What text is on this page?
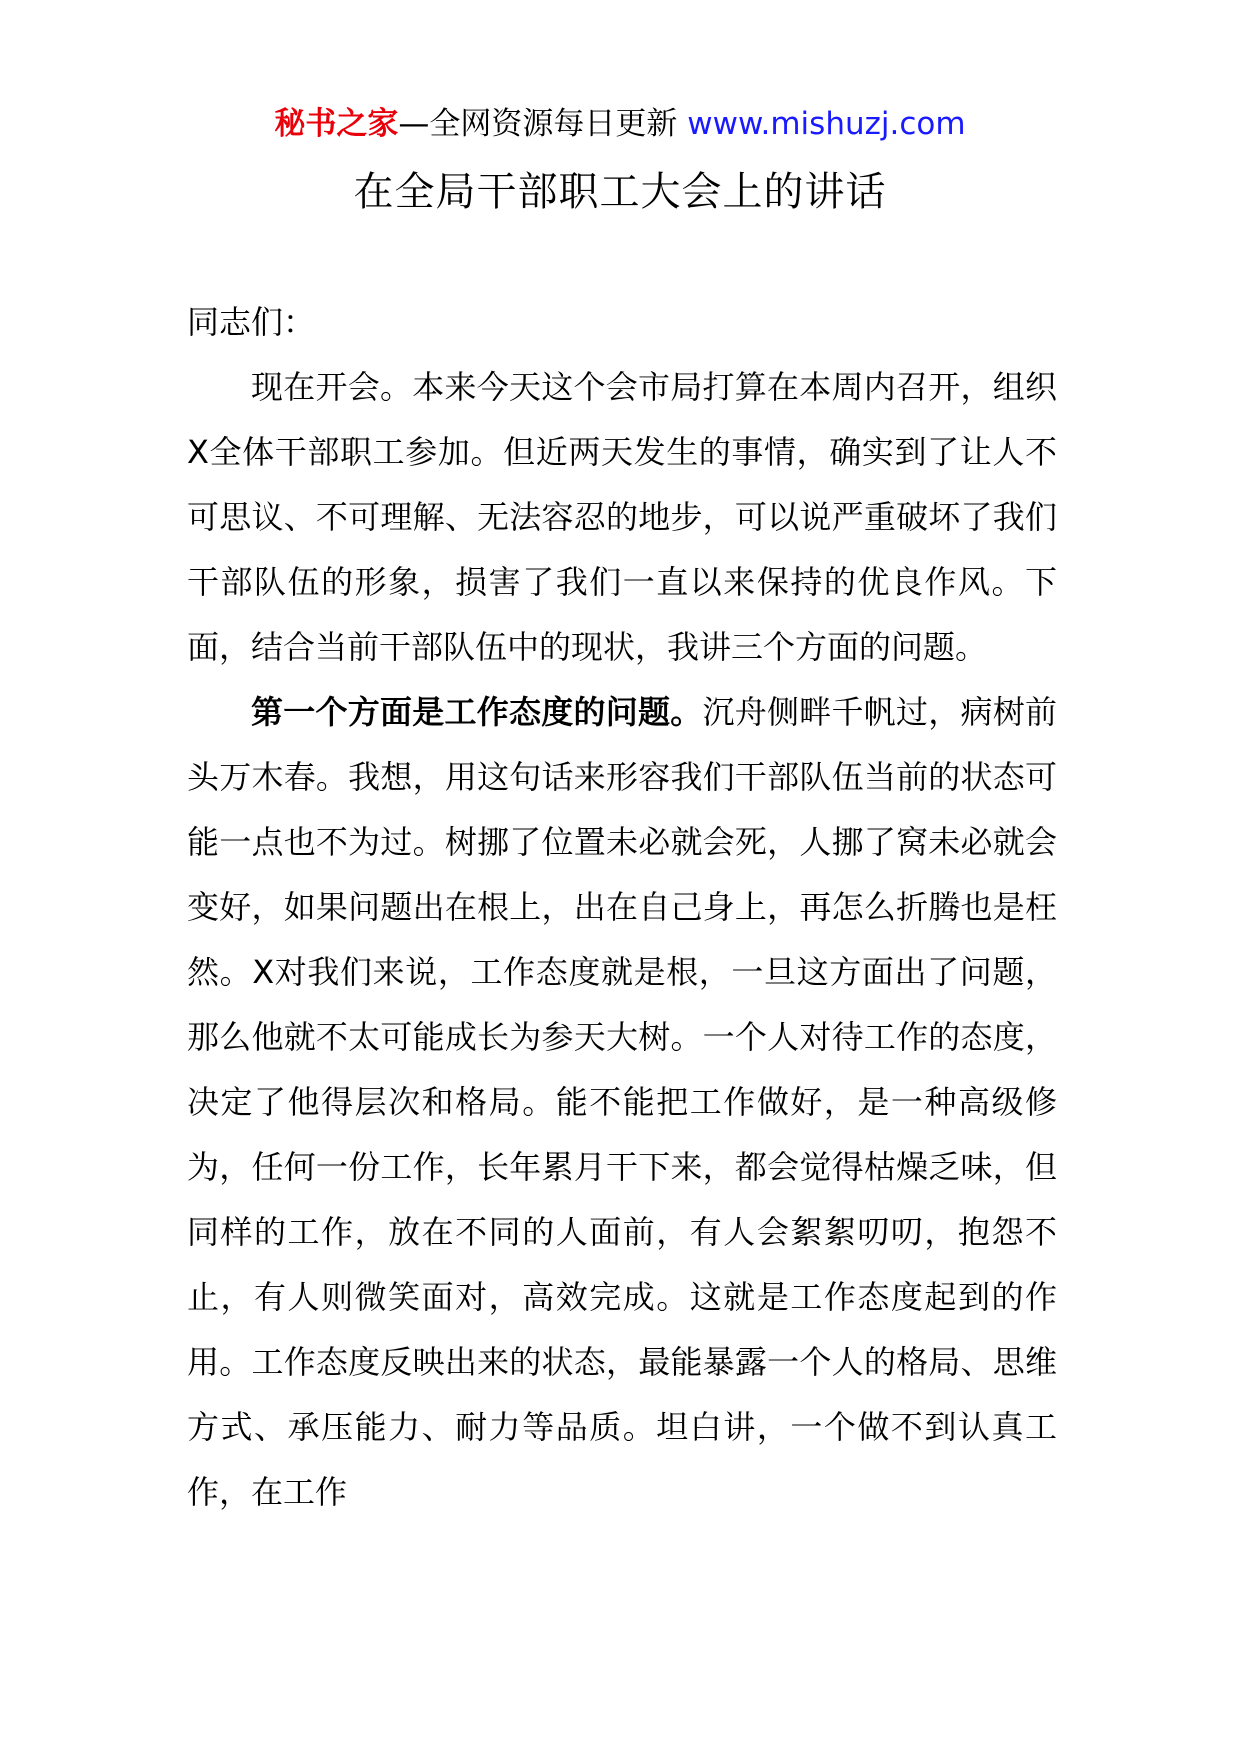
秘书之家—全网资源每日更新 www.mishuzj.com
在全局干部职工大会上的讲话

同志们：

现在开会。本来今天这个会市局打算在本周内召开，组织X全体干部职工参加。但近两天发生的事情，确实到了让人不可思议、不可理解、无法容忍的地步，可以说严重破坏了我们干部队伍的形象，损害了我们一直以来保持的优良作风。下面，结合当前干部队伍中的现状，我讲三个方面的问题。

第一个方面是工作态度的问题。沉舟侧畔千帆过，病树前头万木春。我想，用这句话来形容我们干部队伍当前的状态可能一点也不为过。树挪了位置未必就会死，人挪了窝未必就会变好，如果问题出在根上，出在自己身上，再怎么折腾也是枉然。X对我们来说，工作态度就是根，一旦这方面出了问题，那么他就不太可能成长为参天大树。一个人对待工作的态度，决定了他得层次和格局。能不能把工作做好，是一种高级修为，任何一份工作，长年累月干下来，都会觉得枯燥乏味，但同样的工作，放在不同的人面前，有人会絮絮叨叨，抱怨不止，有人则微笑面对，高效完成。这就是工作态度起到的作用。工作态度反映出来的状态，最能暴露一个人的格局、思维方式、承压能力、耐力等品质。坦白讲，一个做不到认真工作，在工作
